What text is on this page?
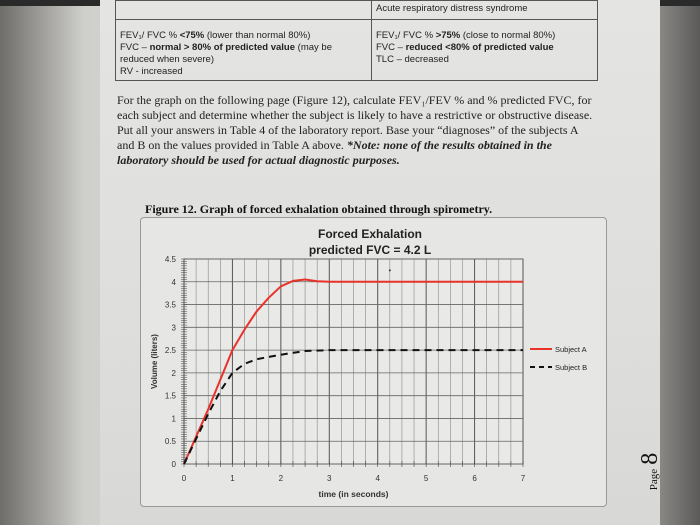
	Acute respiratory distress syndrome
FEV₁/ FVC % <75% (lower than normal 80%)
FVC – normal > 80% of predicted value (may be reduced when severe)
RV - increased	FEV₁/ FVC % >75% (close to normal 80%)
FVC – reduced <80% of predicted value
TLC – decreased
For the graph on the following page (Figure 12), calculate FEV₁/FEV % and % predicted FVC, for each subject and determine whether the subject is likely to have a restrictive or obstructive disease. Put all your answers in Table 4 of the laboratory report. Base your “diagnoses” of the subjects A and B on the values provided in Table A above. *Note: none of the results obtained in the laboratory should be used for actual diagnostic purposes.
Figure 12. Graph of forced exhalation obtained through spirometry.
0
0.5
1
1.5
2
2.5
3
3.5
4
4.5
0	1	2	3	4	5	6	7
Forced Exhalation
predicted FVC = 4.2 L
time (in seconds)
Volume (liters)	Subject A
Subject B
Page 8
